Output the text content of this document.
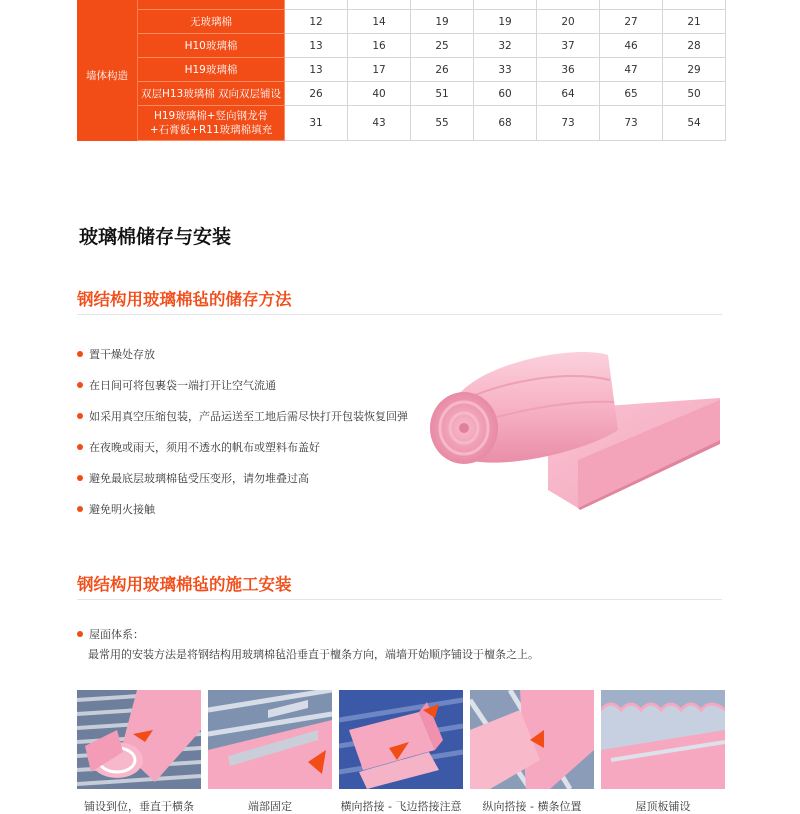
墙体构造	无玻璃棉	12	14	19	19	20	27	21
	H10玻璃棉	13	16	25	32	37	46	28
	H19玻璃棉	13	17	26	33	36	47	29
	双层H13玻璃棉 双向双层铺设	26	40	51	60	64	65	50

	H19玻璃棉+竖向钢龙骨
+石膏板+R11玻璃棉填充	31	43	55	68	73	73	54
玻璃棉储存与安装
钢结构用玻璃棉毡的储存方法
置干燥处存放
在日间可将包裹袋一端打开让空气流通
如采用真空压缩包装，产品运送至工地后需尽快打开包装恢复回弹
在夜晚或雨天，须用不透水的帆布或塑料布盖好
避免最底层玻璃棉毡受压变形，请勿堆叠过高
避免明火接触
钢结构用玻璃棉毡的施工安装
屋面体系：
最常用的安装方法是将钢结构用玻璃棉毡沿垂直于檀条方向，端墙开始顺序铺设于檀条之上。
铺设到位，垂直于横条	端部固定	横向搭接 - 飞边搭接注意	纵向搭接 - 横条位置	屋顶板铺设
